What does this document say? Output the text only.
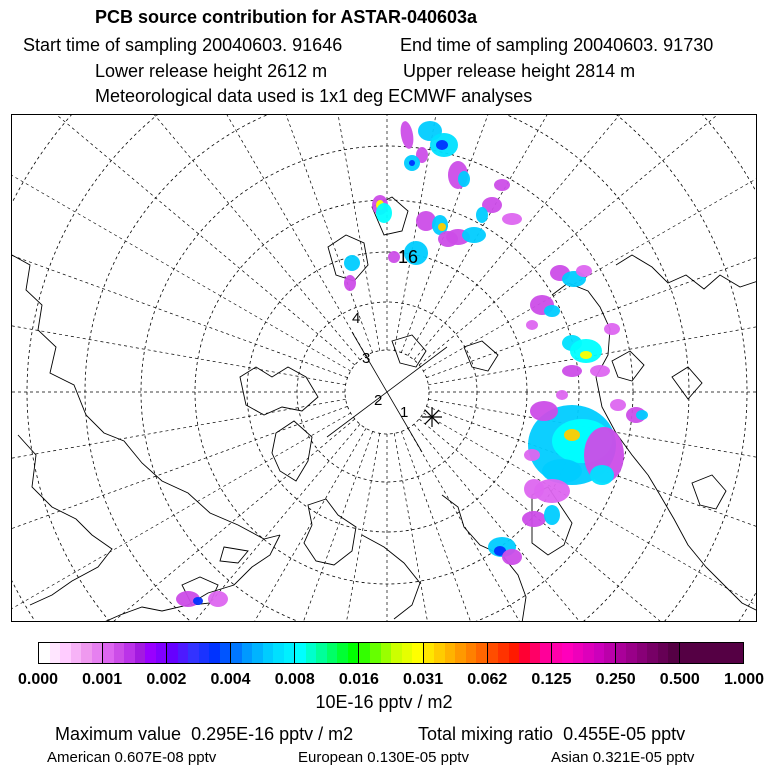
PCB source contribution for ASTAR-040603a
Start time of sampling 20040603. 91646	End time of sampling 20040603. 91730
Lower release height 2612 m	Upper release height 2814 m
Meteorological data used is 1x1 deg ECMWF analyses
1
2
3
4
16
0.000 0.001 0.002 0.004 0.008 0.016 0.031 0.062 0.125 0.250 0.500 1.000
10E-16 pptv / m2
Maximum value 0.295E-16 pptv / m2	Total mixing ratio 0.455E-05 pptv
American 0.607E-08 pptv	European 0.130E-05 pptv	Asian 0.321E-05 pptv
